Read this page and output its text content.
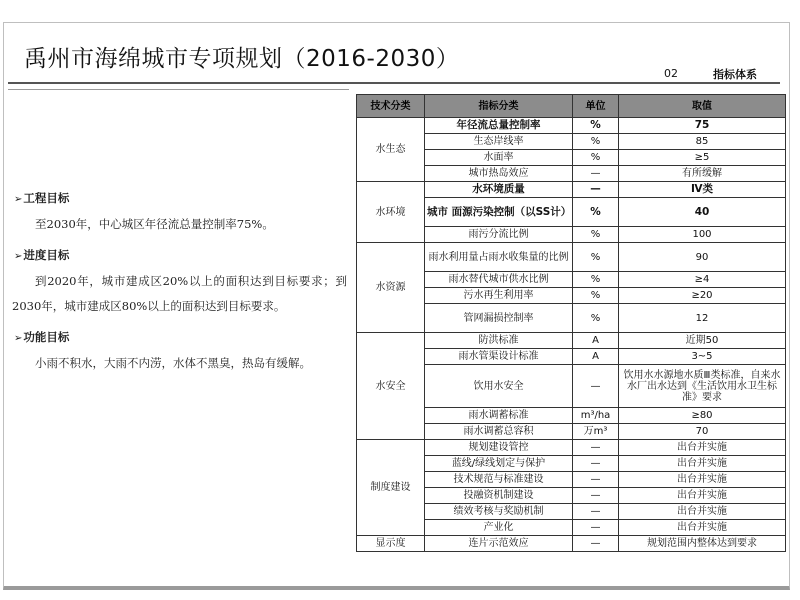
禹州市海绵城市专项规划（2016-2030）
02	指标体系
➢工程目标

至2030年，中心城区年径流总量控制率75%。

➢进度目标

到2020年，城市建成区20%以上的面积达到目标要求；到2030年，城市建成区80%以上的面积达到目标要求。

➢功能目标

小雨不积水，大雨不内涝，水体不黑臭，热岛有缓解。

技术分类	指标分类	单位	取值
水生态	年径流总量控制率	%	75
	生态岸线率	%	85
	水面率	%	≥5
	城市热岛效应	—	有所缓解
水环境	水环境质量	—	Ⅳ类
	城市 面源污染控制（以SS计）	%	40
	雨污分流比例	%	100
水资源	雨水利用量占雨水收集量的比例	%	90
	雨水替代城市供水比例	%	≥4
	污水再生利用率	%	≥20
	管网漏损控制率	%	12
水安全	防洪标准	A	近期50
	雨水管渠设计标准	A	3~5
	饮用水安全	—	饮用水水源地水质Ⅲ类标准，自来水水厂出水达到《生活饮用水卫生标准》要求
	雨水调蓄标准	m³/ha	≥80
	雨水调蓄总容积	万m³	70
制度建设	规划建设管控	—	出台并实施
	蓝线/绿线划定与保护	—	出台并实施
	技术规范与标准建设	—	出台并实施
	投融资机制建设	—	出台并实施
	绩效考核与奖励机制	—	出台并实施
	产业化	—	出台并实施
显示度	连片示范效应	—	规划范围内整体达到要求
